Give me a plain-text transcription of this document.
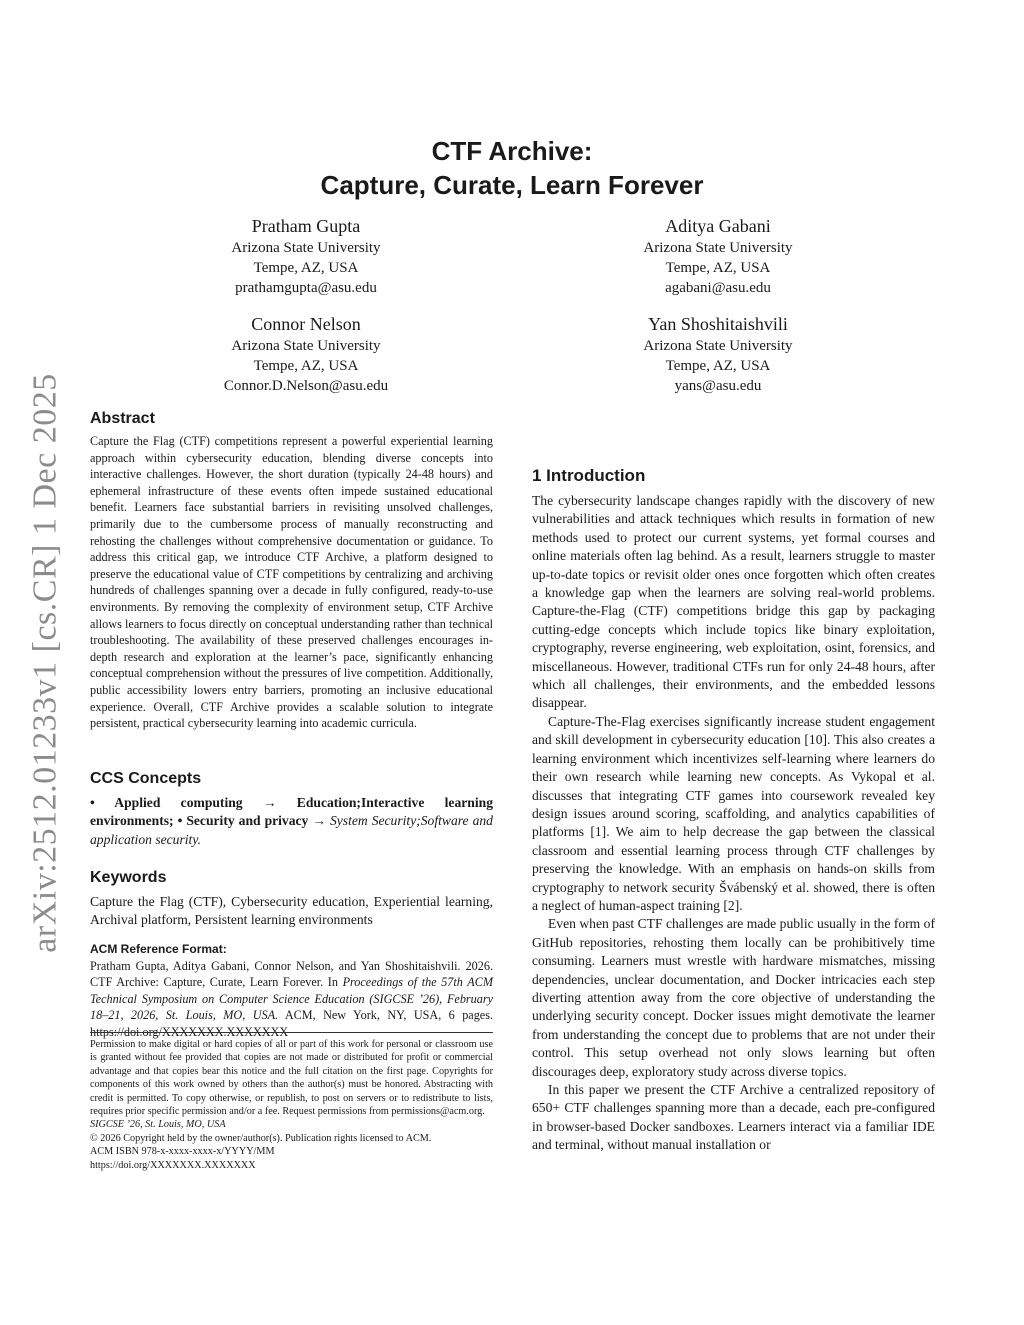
arXiv:2512.01233v1 [cs.CR] 1 Dec 2025
CTF Archive:
Capture, Curate, Learn Forever
Pratham Gupta
Arizona State University
Tempe, AZ, USA
prathamgupta@asu.edu
Aditya Gabani
Arizona State University
Tempe, AZ, USA
agabani@asu.edu
Connor Nelson
Arizona State University
Tempe, AZ, USA
Connor.D.Nelson@asu.edu
Yan Shoshitaishvili
Arizona State University
Tempe, AZ, USA
yans@asu.edu
Abstract

Capture the Flag (CTF) competitions represent a powerful experiential learning approach within cybersecurity education, blending diverse concepts into interactive challenges. However, the short duration (typically 24-48 hours) and ephemeral infrastructure of these events often impede sustained educational benefit. Learners face substantial barriers in revisiting unsolved challenges, primarily due to the cumbersome process of manually reconstructing and rehosting the challenges without comprehensive documentation or guidance. To address this critical gap, we introduce CTF Archive, a platform designed to preserve the educational value of CTF competitions by centralizing and archiving hundreds of challenges spanning over a decade in fully configured, ready-to-use environments. By removing the complexity of environment setup, CTF Archive allows learners to focus directly on conceptual understanding rather than technical troubleshooting. The availability of these preserved challenges encourages in-depth research and exploration at the learner’s pace, significantly enhancing conceptual comprehension without the pressures of live competition. Additionally, public accessibility lowers entry barriers, promoting an inclusive educational experience. Overall, CTF Archive provides a scalable solution to integrate persistent, practical cybersecurity learning into academic curricula.

CCS Concepts

• Applied computing → Education;Interactive learning environments; • Security and privacy → System Security;Software and application security.

Keywords

Capture the Flag (CTF), Cybersecurity education, Experiential learning, Archival platform, Persistent learning environments

ACM Reference Format:

Pratham Gupta, Aditya Gabani, Connor Nelson, and Yan Shoshitaishvili. 2026. CTF Archive: Capture, Curate, Learn Forever. In Proceedings of the 57th ACM Technical Symposium on Computer Science Education (SIGCSE ’26), February 18–21, 2026, St. Louis, MO, USA. ACM, New York, NY, USA, 6 pages. https://doi.org/XXXXXXX.XXXXXXX

Permission to make digital or hard copies of all or part of this work for personal or classroom use is granted without fee provided that copies are not made or distributed for profit or commercial advantage and that copies bear this notice and the full citation on the first page. Copyrights for components of this work owned by others than the author(s) must be honored. Abstracting with credit is permitted. To copy otherwise, or republish, to post on servers or to redistribute to lists, requires prior specific permission and/or a fee. Request permissions from permissions@acm.org.

SIGCSE ’26, St. Louis, MO, USA

© 2026 Copyright held by the owner/author(s). Publication rights licensed to ACM.

ACM ISBN 978-x-xxxx-xxxx-x/YYYY/MM

https://doi.org/XXXXXXX.XXXXXXX

1 Introduction

The cybersecurity landscape changes rapidly with the discovery of new vulnerabilities and attack techniques which results in formation of new methods used to protect our current systems, yet formal courses and online materials often lag behind. As a result, learners struggle to master up-to-date topics or revisit older ones once forgotten which often creates a knowledge gap when the learners are solving real-world problems. Capture-the-Flag (CTF) competitions bridge this gap by packaging cutting-edge concepts which include topics like binary exploitation, cryptography, reverse engineering, web exploitation, osint, forensics, and miscellaneous. However, traditional CTFs run for only 24-48 hours, after which all challenges, their environments, and the embedded lessons disappear.

Capture-The-Flag exercises significantly increase student engagement and skill development in cybersecurity education [10]. This also creates a learning environment which incentivizes self-learning where learners do their own research while learning new concepts. As Vykopal et al. discusses that integrating CTF games into coursework revealed key design issues around scoring, scaffolding, and analytics capabilities of platforms [1]. We aim to help decrease the gap between the classical classroom and essential learning process through CTF challenges by preserving the knowledge. With an emphasis on hands-on skills from cryptography to network security Švábenský et al. showed, there is often a neglect of human-aspect training [2].

Even when past CTF challenges are made public usually in the form of GitHub repositories, rehosting them locally can be prohibitively time consuming. Learners must wrestle with hardware mismatches, missing dependencies, unclear documentation, and Docker intricacies each step diverting attention away from the core objective of understanding the underlying security concept. Docker issues might demotivate the learner from understanding the concept due to problems that are not under their control. This setup overhead not only slows learning but often discourages deep, exploratory study across diverse topics.

In this paper we present the CTF Archive a centralized repository of 650+ CTF challenges spanning more than a decade, each pre-configured in browser-based Docker sandboxes. Learners interact via a familiar IDE and terminal, without manual installation or
